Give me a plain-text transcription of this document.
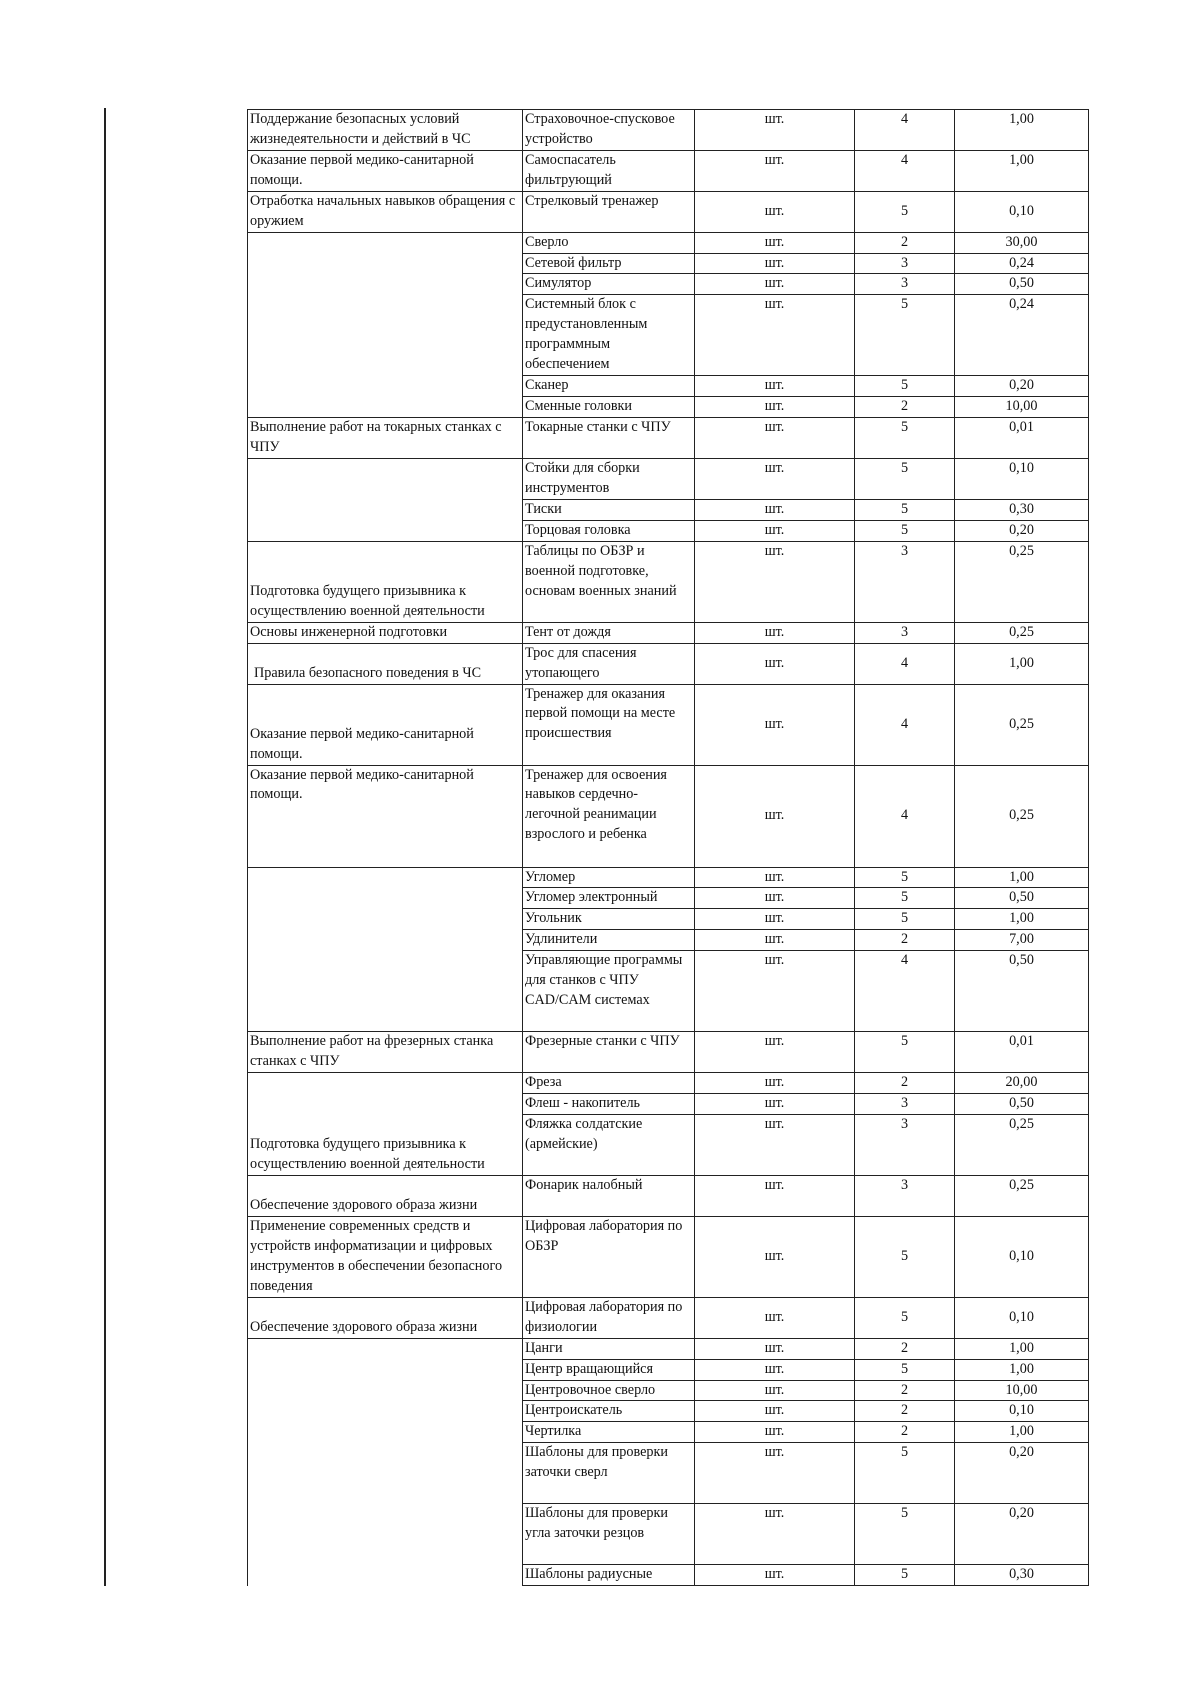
Поддержание безопасных условий жизнедеятельности и действий в ЧС	Страховочное-спусковое устройство	шт.	4	1,00
Оказание первой медико-санитарной помощи.	Самоспасатель фильтрующий	шт.	4	1,00
Отработка начальных навыков обращения с оружием	Стрелковый тренажер	шт.	5	0,10
	Сверло	шт.	2	30,00
	Сетевой фильтр	шт.	3	0,24
	Симулятор	шт.	3	0,50
	Системный блок с предустановленным программным обеспечением	шт.	5	0,24
	Сканер	шт.	5	0,20
	Сменные головки	шт.	2	10,00
Выполнение работ на токарных станках с ЧПУ	Токарные станки с ЧПУ	шт.	5	0,01
	Стойки для сборки инструментов	шт.	5	0,10
	Тиски	шт.	5	0,30
	Торцовая головка	шт.	5	0,20
Подготовка будущего призывника к осуществлению военной деятельности	Таблицы по ОБЗР и военной подготовке, основам военных знаний	шт.	3	0,25
Основы инженерной подготовки	Тент от дождя	шт.	3	0,25
Правила безопасного поведения в ЧС	Трос для спасения утопающего	шт.	4	1,00
Оказание первой медико-санитарной помощи.	Тренажер для оказания первой помощи на месте происшествия	шт.	4	0,25
Оказание первой медико-санитарной помощи.	Тренажер для освоения навыков сердечно-легочной реанимации взрослого и ребенка	шт.	4	0,25
	Угломер	шт.	5	1,00
	Угломер электронный	шт.	5	0,50
	Угольник	шт.	5	1,00
	Удлинители	шт.	2	7,00
	Управляющие программы для станков с ЧПУ CAD/CAM системах	шт.	4	0,50
Выполнение работ на фрезерных станка станках с ЧПУ	Фрезерные станки с ЧПУ	шт.	5	0,01
Подготовка будущего призывника к осуществлению военной деятельности	Фреза	шт.	2	20,00
	Флеш - накопитель	шт.	3	0,50
	Фляжка солдатские (армейские)	шт.	3	0,25
Обеспечение здорового образа жизни	Фонарик налобный	шт.	3	0,25
Применение современных средств и устройств информатизации и цифровых инструментов в обеспечении безопасного поведения	Цифровая лаборатория по ОБЗР	шт.	5	0,10
Обеспечение здорового образа жизни	Цифровая лаборатория по физиологии	шт.	5	0,10
	Цанги	шт.	2	1,00
	Центр вращающийся	шт.	5	1,00
	Центровочное сверло	шт.	2	10,00
	Центроискатель	шт.	2	0,10
	Чертилка	шт.	2	1,00
	Шаблоны для проверки заточки сверл	шт.	5	0,20
	Шаблоны для проверки угла заточки резцов	шт.	5	0,20
	Шаблоны радиусные	шт.	5	0,30
